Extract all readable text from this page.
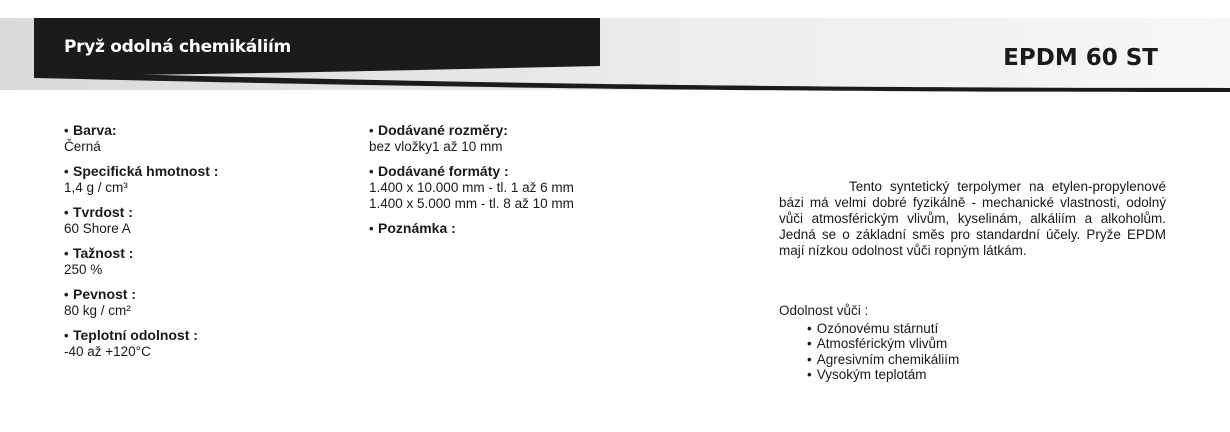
Pryž odolná chemikáliím	EPDM 60 ST
• Barva:
Černá
• Specifická hmotnost :
1,4 g / cm³
• Tvrdost :
60 Shore A
• Tažnost :
250 %
• Pevnost :
80 kg / cm²
• Teplotní odolnost :
-40 až +120°C
• Dodávané rozměry:
bez vložky1 až 10 mm
• Dodávané formáty :
1.400 x 10.000 mm - tl. 1 až 6 mm
1.400 x 5.000 mm - tl. 8 až 10 mm
• Poznámka :

Tento syntetický terpolymer na etylen-propylenové bázi má velmi dobré fyzikálně - mechanické vlastnosti, odolný vůči atmosférickým vlivům, kyselinám, alkáliím a alkoholům. Jedná se o základní směs pro standardní účely. Pryže EPDM mají nízkou odolnost vůči ropným látkám.

Odolnost vůči :
• Ozónovému stárnutí
• Atmosférickým vlivům
• Agresivním chemikáliím
• Vysokým teplotám
